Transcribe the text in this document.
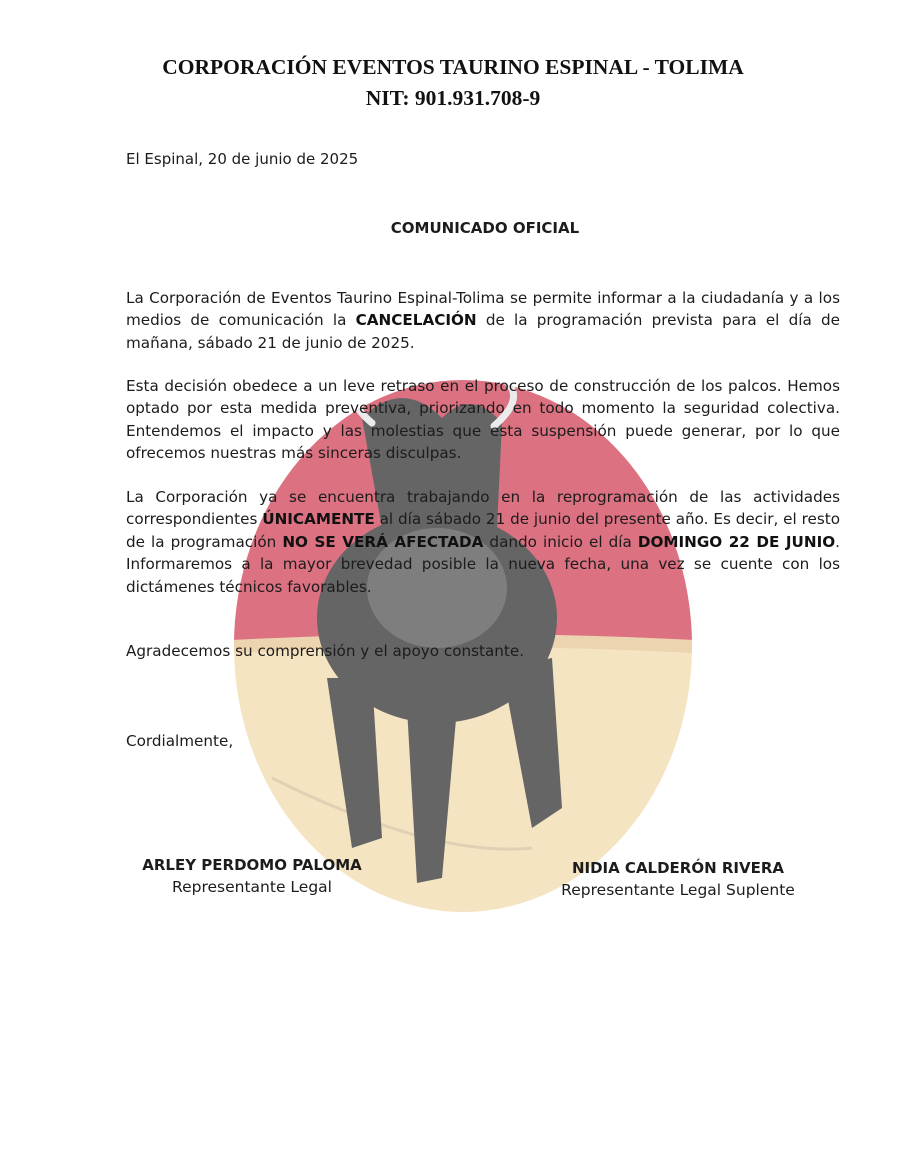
CORPORACIÓN EVENTOS TAURINO ESPINAL - TOLIMA
NIT: 901.931.708-9
El Espinal, 20 de junio de 2025
COMUNICADO OFICIAL
La Corporación de Eventos Taurino Espinal-Tolima se permite informar a la ciudadanía y a los medios de comunicación la CANCELACIÓN de la programación prevista para el día de mañana, sábado 21 de junio de 2025.
Esta decisión obedece a un leve retraso en el proceso de construcción de los palcos. Hemos optado por esta medida preventiva, priorizando en todo momento la seguridad colectiva. Entendemos el impacto y las molestias que esta suspensión puede generar, por lo que ofrecemos nuestras más sinceras disculpas.
La Corporación ya se encuentra trabajando en la reprogramación de las actividades correspondientes ÚNICAMENTE al día sábado 21 de junio del presente año. Es decir, el resto de la programación NO SE VERÁ AFECTADA dando inicio el día DOMINGO 22 DE JUNIO. Informaremos a la mayor brevedad posible la nueva fecha, una vez se cuente con los dictámenes técnicos favorables.
Agradecemos su comprensión y el apoyo constante.
Cordialmente,
ARLEY PERDOMO PALOMA
Representante Legal
NIDIA CALDERÓN RIVERA
Representante Legal Suplente
